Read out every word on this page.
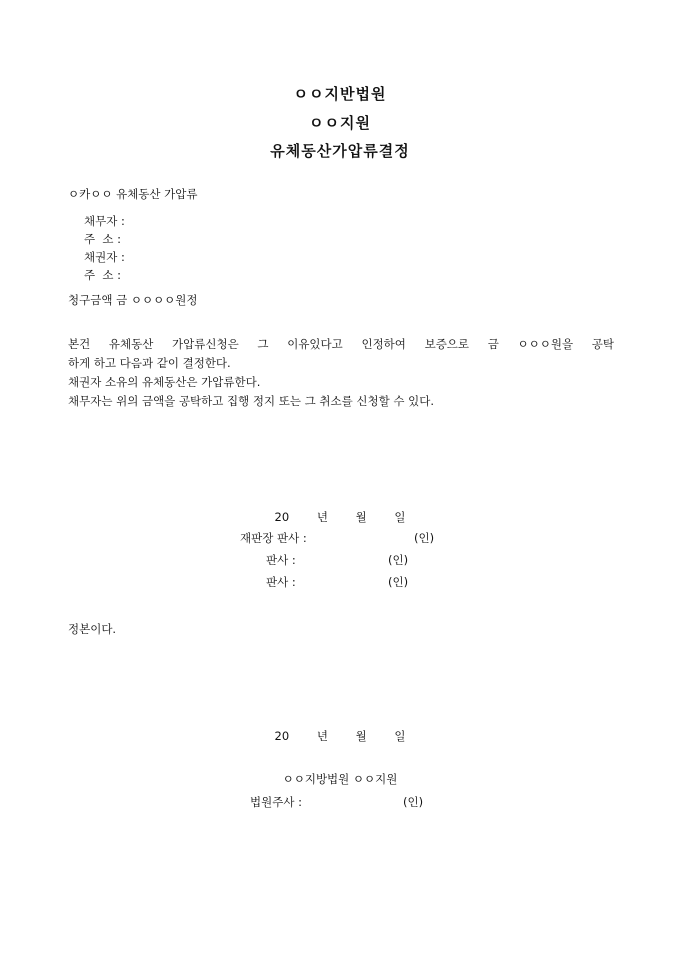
ㅇㅇ지반법원
ㅇㅇ지원
유체동산가압류결정
ㅇ카ㅇㅇ 유체동산 가압류
채무자 :
주  소 :
채권자 :
주  소 :
청구금액 금 ㅇㅇㅇㅇ원정

본건 유체동산 가압류신청은 그 이유있다고 인정하여 보증으로 금 ㅇㅇㅇ원을 공탁

하게 하고 다음과 같이 결정한다.

채권자 소유의 유체동산은 가압류한다.

채무자는 위의 금액을 공탁하고 집행 정지 또는 그 취소를 신청할 수 있다.

20 년 월 일
재판장 판사 :	(인)
판사 :	(인)
판사 :	(인)
정본이다.
20 년 월 일
ㅇㅇ지방법원 ㅇㅇ지원
법원주사 :	(인)
